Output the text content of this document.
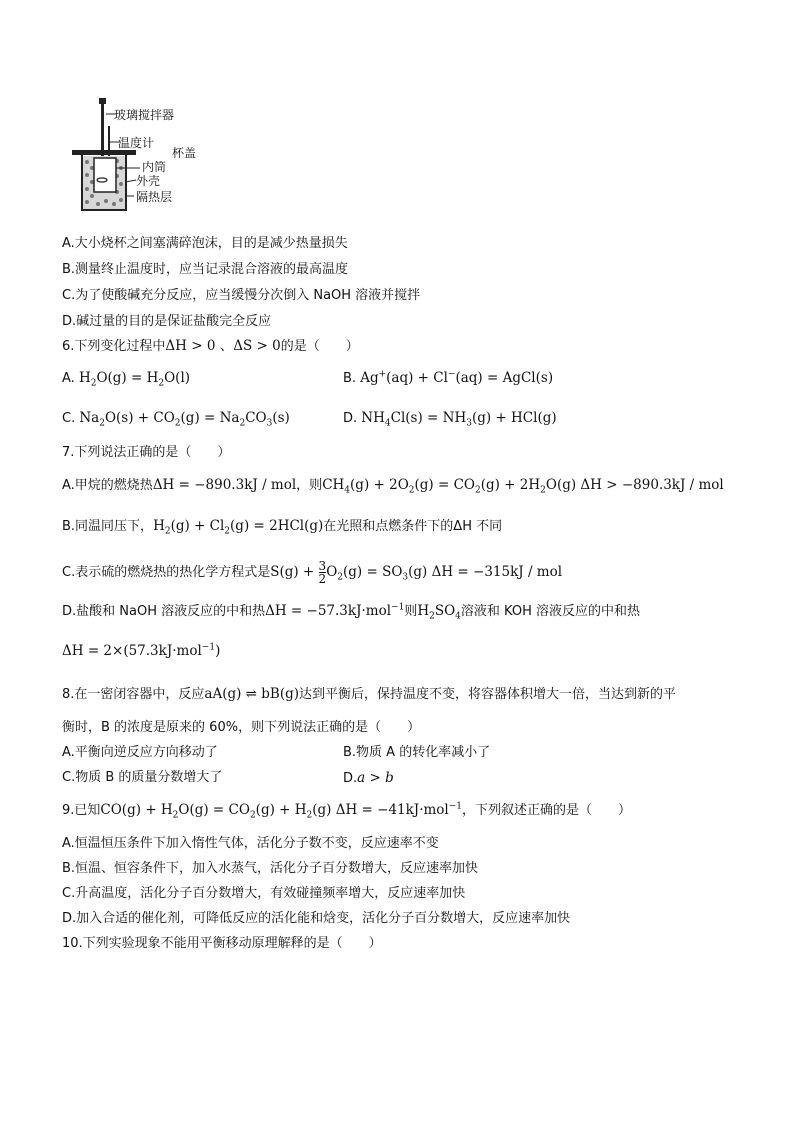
玻璃搅拌器
温度计
杯盖
内筒
外壳
隔热层
A.大小烧杯之间塞满碎泡沫，目的是减少热量损失
B.测量终止温度时，应当记录混合溶液的最高温度
C.为了使酸碱充分反应，应当缓慢分次倒入 NaOH 溶液并搅拌
D.碱过量的目的是保证盐酸完全反应
6.下列变化过程中ΔH > 0 、ΔS > 0的是（　　）
A. $H_2O(g) = H_2O(l)$	B. Ag+(aq) + Cl−(aq) = AgCl(s)
C. $Na_2O(s) + CO_2(g) = Na_2CO_3(s)$	D. $NH_4Cl(s) = NH_3(g) + HCl(g)$
7.下列说法正确的是（　　）
A.甲烷的燃烧热ΔH = −890.3kJ / mol，则$CH_4(g) + 2O_2(g) = CO_2(g) + 2H_2O(g) \Delta H > -890.3kJ$ / mol
B.同温同压下，$H_2(g) + Cl_2(g) = 2HCl(g)$在光照和点燃条件下的ΔH 不同
C.表示硫的燃烧热的热化学方程式是$S(g) + \frac{3}{2} O_2(g) = SO_3(g) \Delta H = -315kJ$ / mol
D.盐酸和 NaOH 溶液反应的中和热ΔH = −57.3kJ·mol$^{-1}$则$H_2SO_4$溶液和 KOH 溶液反应的中和热
ΔH = 2×(57.3kJ·mol$^{-1}$)
8.在一密闭容器中，反应aA(g) ⇌ bB(g)达到平衡后，保持温度不变，将容器体积增大一倍，当达到新的平
衡时，B 的浓度是原来的 60%，则下列说法正确的是（　　）
A.平衡向逆反应方向移动了	B.物质 A 的转化率减小了
C.物质 B 的质量分数增大了	D.a > b
9.已知$CO(g) + H_2O(g) = CO_2(g) + H_2(g) \Delta H = -41kJ\cdot mol^{-1}$，下列叙述正确的是（　　）
A.恒温恒压条件下加入惰性气体，活化分子数不变，反应速率不变
B.恒温、恒容条件下，加入水蒸气，活化分子百分数增大，反应速率加快
C.升高温度，活化分子百分数增大，有效碰撞频率增大，反应速率加快
D.加入合适的催化剂，可降低反应的活化能和焓变，活化分子百分数增大，反应速率加快
10.下列实验现象不能用平衡移动原理解释的是（　　）
